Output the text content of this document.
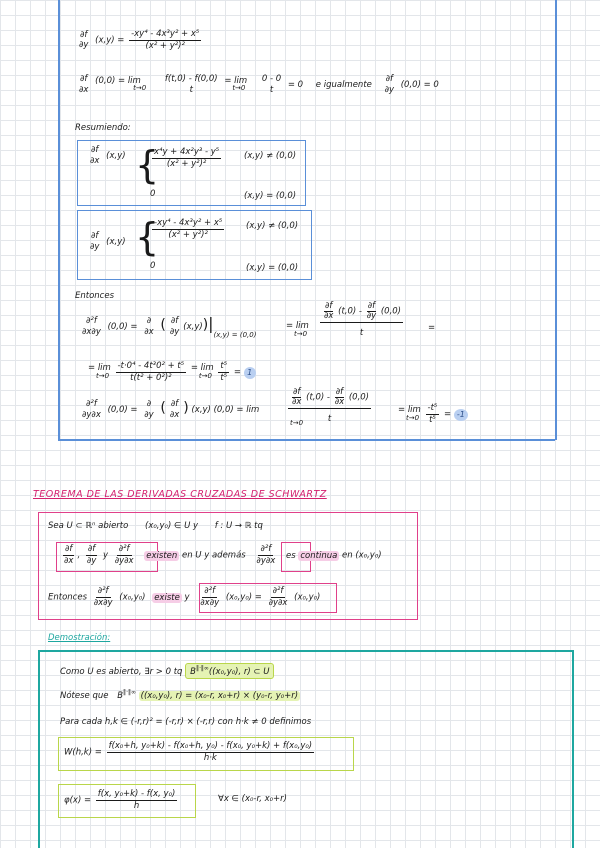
∂f
∂y $(x,y) = \frac{\text{-xy⁴ - 4x³y² + x⁵}}{\text{(x² + y²)²}}$
∂f
∂x

(0,0) = lim
t→0

f(t,0) - f(0,0)
t

= lim
t→0

0 - 0
t = 0 e igualmente
∂f
∂y (0,0) = 0
Resumiendo:
∂f
∂x (x,y) {
$\frac{\text{x⁴y + 4x²y³ - y⁵}}{\text{(x² + y²)²}}$	(x,y) ≠ (0,0)
0	(x,y) = (0,0)
∂f
∂y (x,y) {
$\frac{\text{-xy⁴ - 4x³y² + x⁵}}{\text{(x² + y²)²}}$	(x,y) ≠ (0,0)
0	(x,y) = (0,0)
Entonces
∂²f
∂x∂y (0,0) =
∂
∂x ( ∂f
∂y $(x,y))|_{(x,y) = (0,0)}$
= lim
$t\to 0 \frac{\frac{\partial f}{\partial x} (t,0) - \frac{\partial f}{\partial y} (0,0)}{t}$	=
= lim
t→0
$\frac{\text{-t·0⁴ - 4t³0² + t⁵}}{\text{t(t² + 0²)²}}$
= lim
t→0
$\frac{\text{t⁵}}{\text{t⁵}} = 1$
∂²f
∂y∂x (0,0) =
∂
∂y ( ∂f
∂x ) (x,y) (0,0) = lim
t→0
$\frac{\frac{\partial f}{\partial x} (t,0) - \frac{\partial f}{\partial x} (0,0)}{t}$	= lim
t→0
$\frac{\text{-t⁵}}{\text{t⁵}} = -1$
TEOREMA DE LAS DERIVADAS CRUZADAS DE SCHWARTZ
Sea U ⊂ ℝⁿ abierto (x₀,y₀) ∈ U y f : U → ℝ tq
$\frac{\partial f}{\partial x}$ , $\frac{\partial f}{\partial y}$ y $\frac{\text{∂²f}}{\partial y\partial x}$ existen en U y además $\frac{\text{∂²f}}{\partial y\partial x}$ es continua en (x₀,y₀)
Entonces $\frac{\text{∂²f}}{\partial x\partial y} (x_0,y_0)$ existe y $\frac{\text{∂²f}}{\partial x\partial y} (x_0,y_0) = \frac{\text{∂²f}}{\partial y\partial x} (x_0,y_0)$
Demostración:
Como U es abierto, ∃r > 0 tq B‖·‖∞((x₀,y₀), r) ⊂ U
Nótese que B‖·‖∞ ((x₀,y₀), r) = (x₀-r, x₀+r) × (y₀-r, y₀+r)
Para cada h,k ∈ (-r,r)² = (-r,r) × (-r,r) con h·k ≠ 0 definimos
$W(h,k) = \frac{\text{f(x₀+h, y₀+k) - f(x₀+h, y₀) - f(x₀, y₀+k) + f(x₀,y₀)}}{h\cdot k}$
$\varphi(x) = \frac{\text{f(x, y₀+k) - f(x, y₀)}}{h}$	∀x ∈ (x₀-r, x₀+r)
